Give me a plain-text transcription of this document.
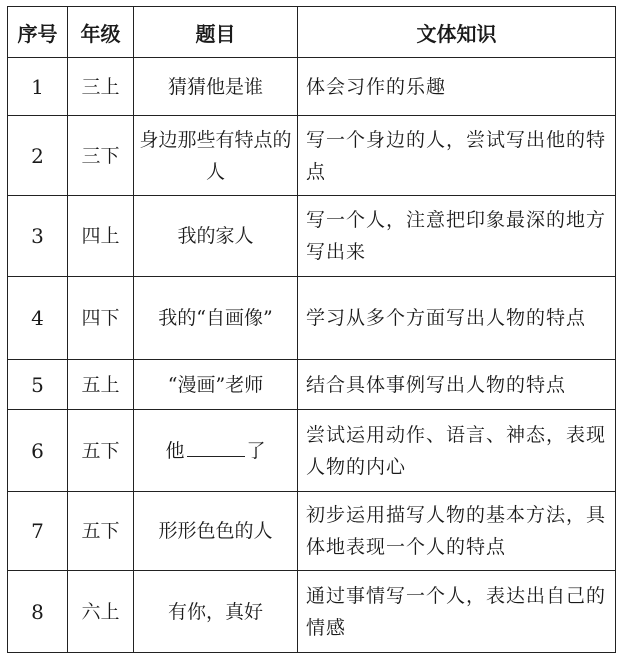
序号	年级	题目	文体知识
1	三上	猜猜他是谁	体会习作的乐趣
2	三下	身边那些有特点的人	写一个身边的人，尝试写出他的特点
3	四上	我的家人	写一个人，注意把印象最深的地方写出来
4	四下	我的“自画像”	学习从多个方面写出人物的特点
5	五上	“漫画”老师	结合具体事例写出人物的特点
6	五下	他 了	尝试运用动作、语言、神态，表现人物的内心
7	五下	形形色色的人	初步运用描写人物的基本方法，具体地表现一个人的特点
8	六上	有你，真好	通过事情写一个人，表达出自己的情感
